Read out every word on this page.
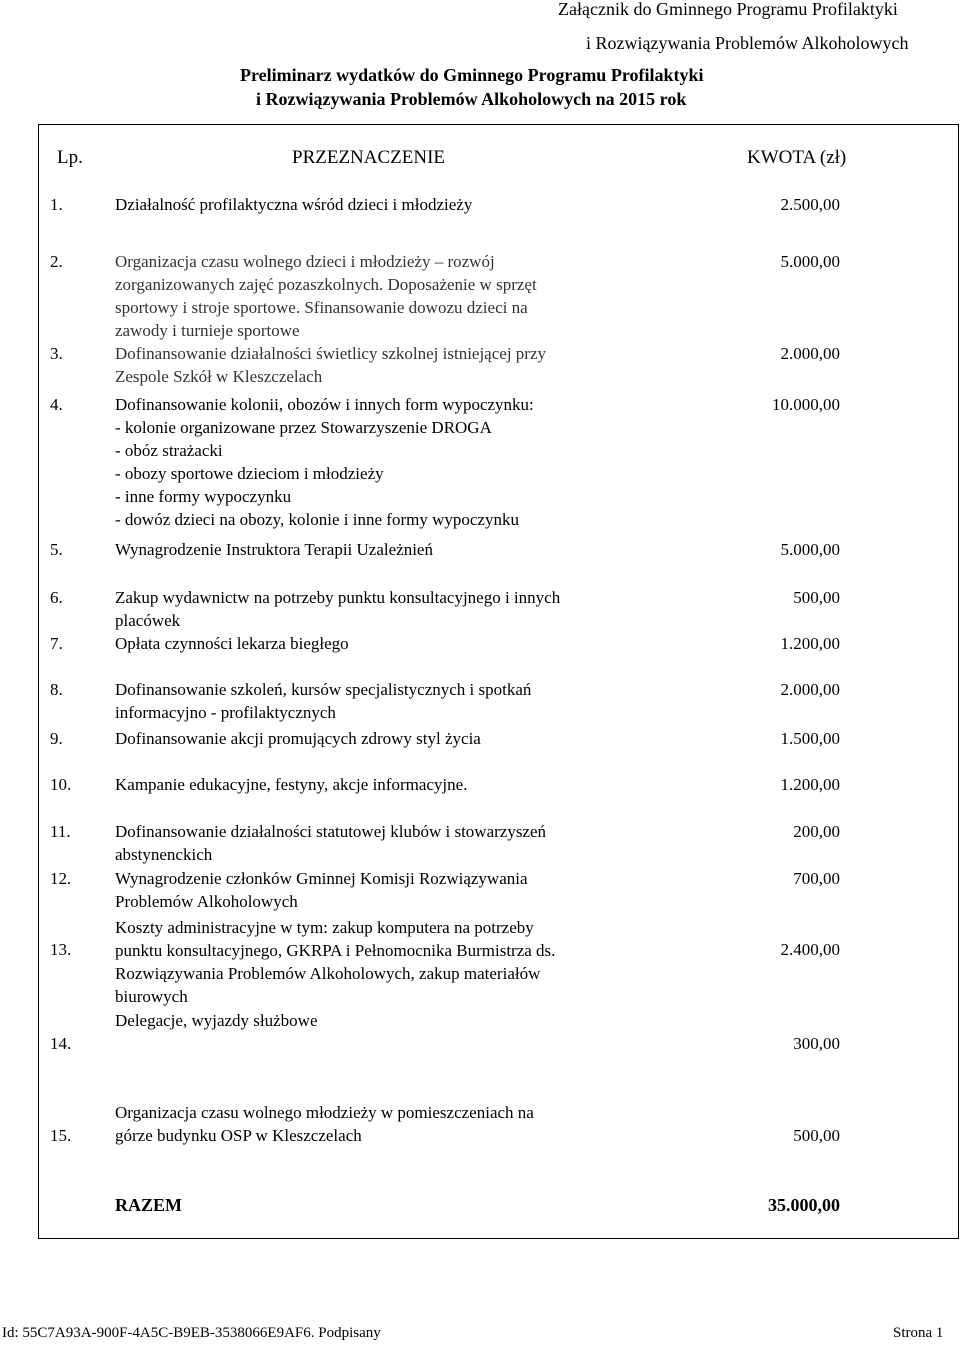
Załącznik do Gminnego Programu Profilaktyki
i Rozwiązywania Problemów Alkoholowych
Preliminarz wydatków do Gminnego Programu Profilaktyki
i Rozwiązywania Problemów Alkoholowych na 2015 rok
Lp.	PRZEZNACZENIE	KWOTA (zł)
1.	Działalność profilaktyczna wśród dzieci i młodzieży	2.500,00
2.	Organizacja czasu wolnego dzieci i młodzieży – rozwój
zorganizowanych zajęć pozaszkolnych. Doposażenie w sprzęt
sportowy i stroje sportowe. Sfinansowanie dowozu dzieci na
zawody i turnieje sportowe
5.000,00
3.	Dofinansowanie działalności świetlicy szkolnej istniejącej przy
Zespole Szkół w Kleszczelach
2.000,00
4.	Dofinansowanie kolonii, obozów i innych form wypoczynku:
- kolonie organizowane przez Stowarzyszenie DROGA
- obóz strażacki
- obozy sportowe dzieciom i młodzieży
- inne formy wypoczynku
- dowóz dzieci na obozy, kolonie i inne formy wypoczynku
10.000,00
5.	Wynagrodzenie Instruktora Terapii Uzależnień	5.000,00
6.	Zakup wydawnictw na potrzeby punktu konsultacyjnego i innych
placówek
500,00
7.	Opłata czynności lekarza biegłego	1.200,00
8.	Dofinansowanie szkoleń, kursów specjalistycznych i spotkań
informacyjno - profilaktycznych
2.000,00
9.	Dofinansowanie akcji promujących zdrowy styl życia	1.500,00
10.	Kampanie edukacyjne, festyny, akcje informacyjne.	1.200,00
11.	Dofinansowanie działalności statutowej klubów i stowarzyszeń
abstynenckich
200,00
12.	Wynagrodzenie członków Gminnej Komisji Rozwiązywania
Problemów Alkoholowych
700,00
13.
Koszty administracyjne w tym: zakup komputera na potrzeby
punktu konsultacyjnego, GKRPA i Pełnomocnika Burmistrza ds.
Rozwiązywania Problemów Alkoholowych, zakup materiałów
biurowych
2.400,00
14.
Delegacje, wyjazdy służbowe
300,00
15.
Organizacja czasu wolnego młodzieży w pomieszczeniach na
górze budynku OSP w Kleszczelach	500,00
RAZEM	35.000,00
Id: 55C7A93A-900F-4A5C-B9EB-3538066E9AF6. Podpisany	Strona 1
